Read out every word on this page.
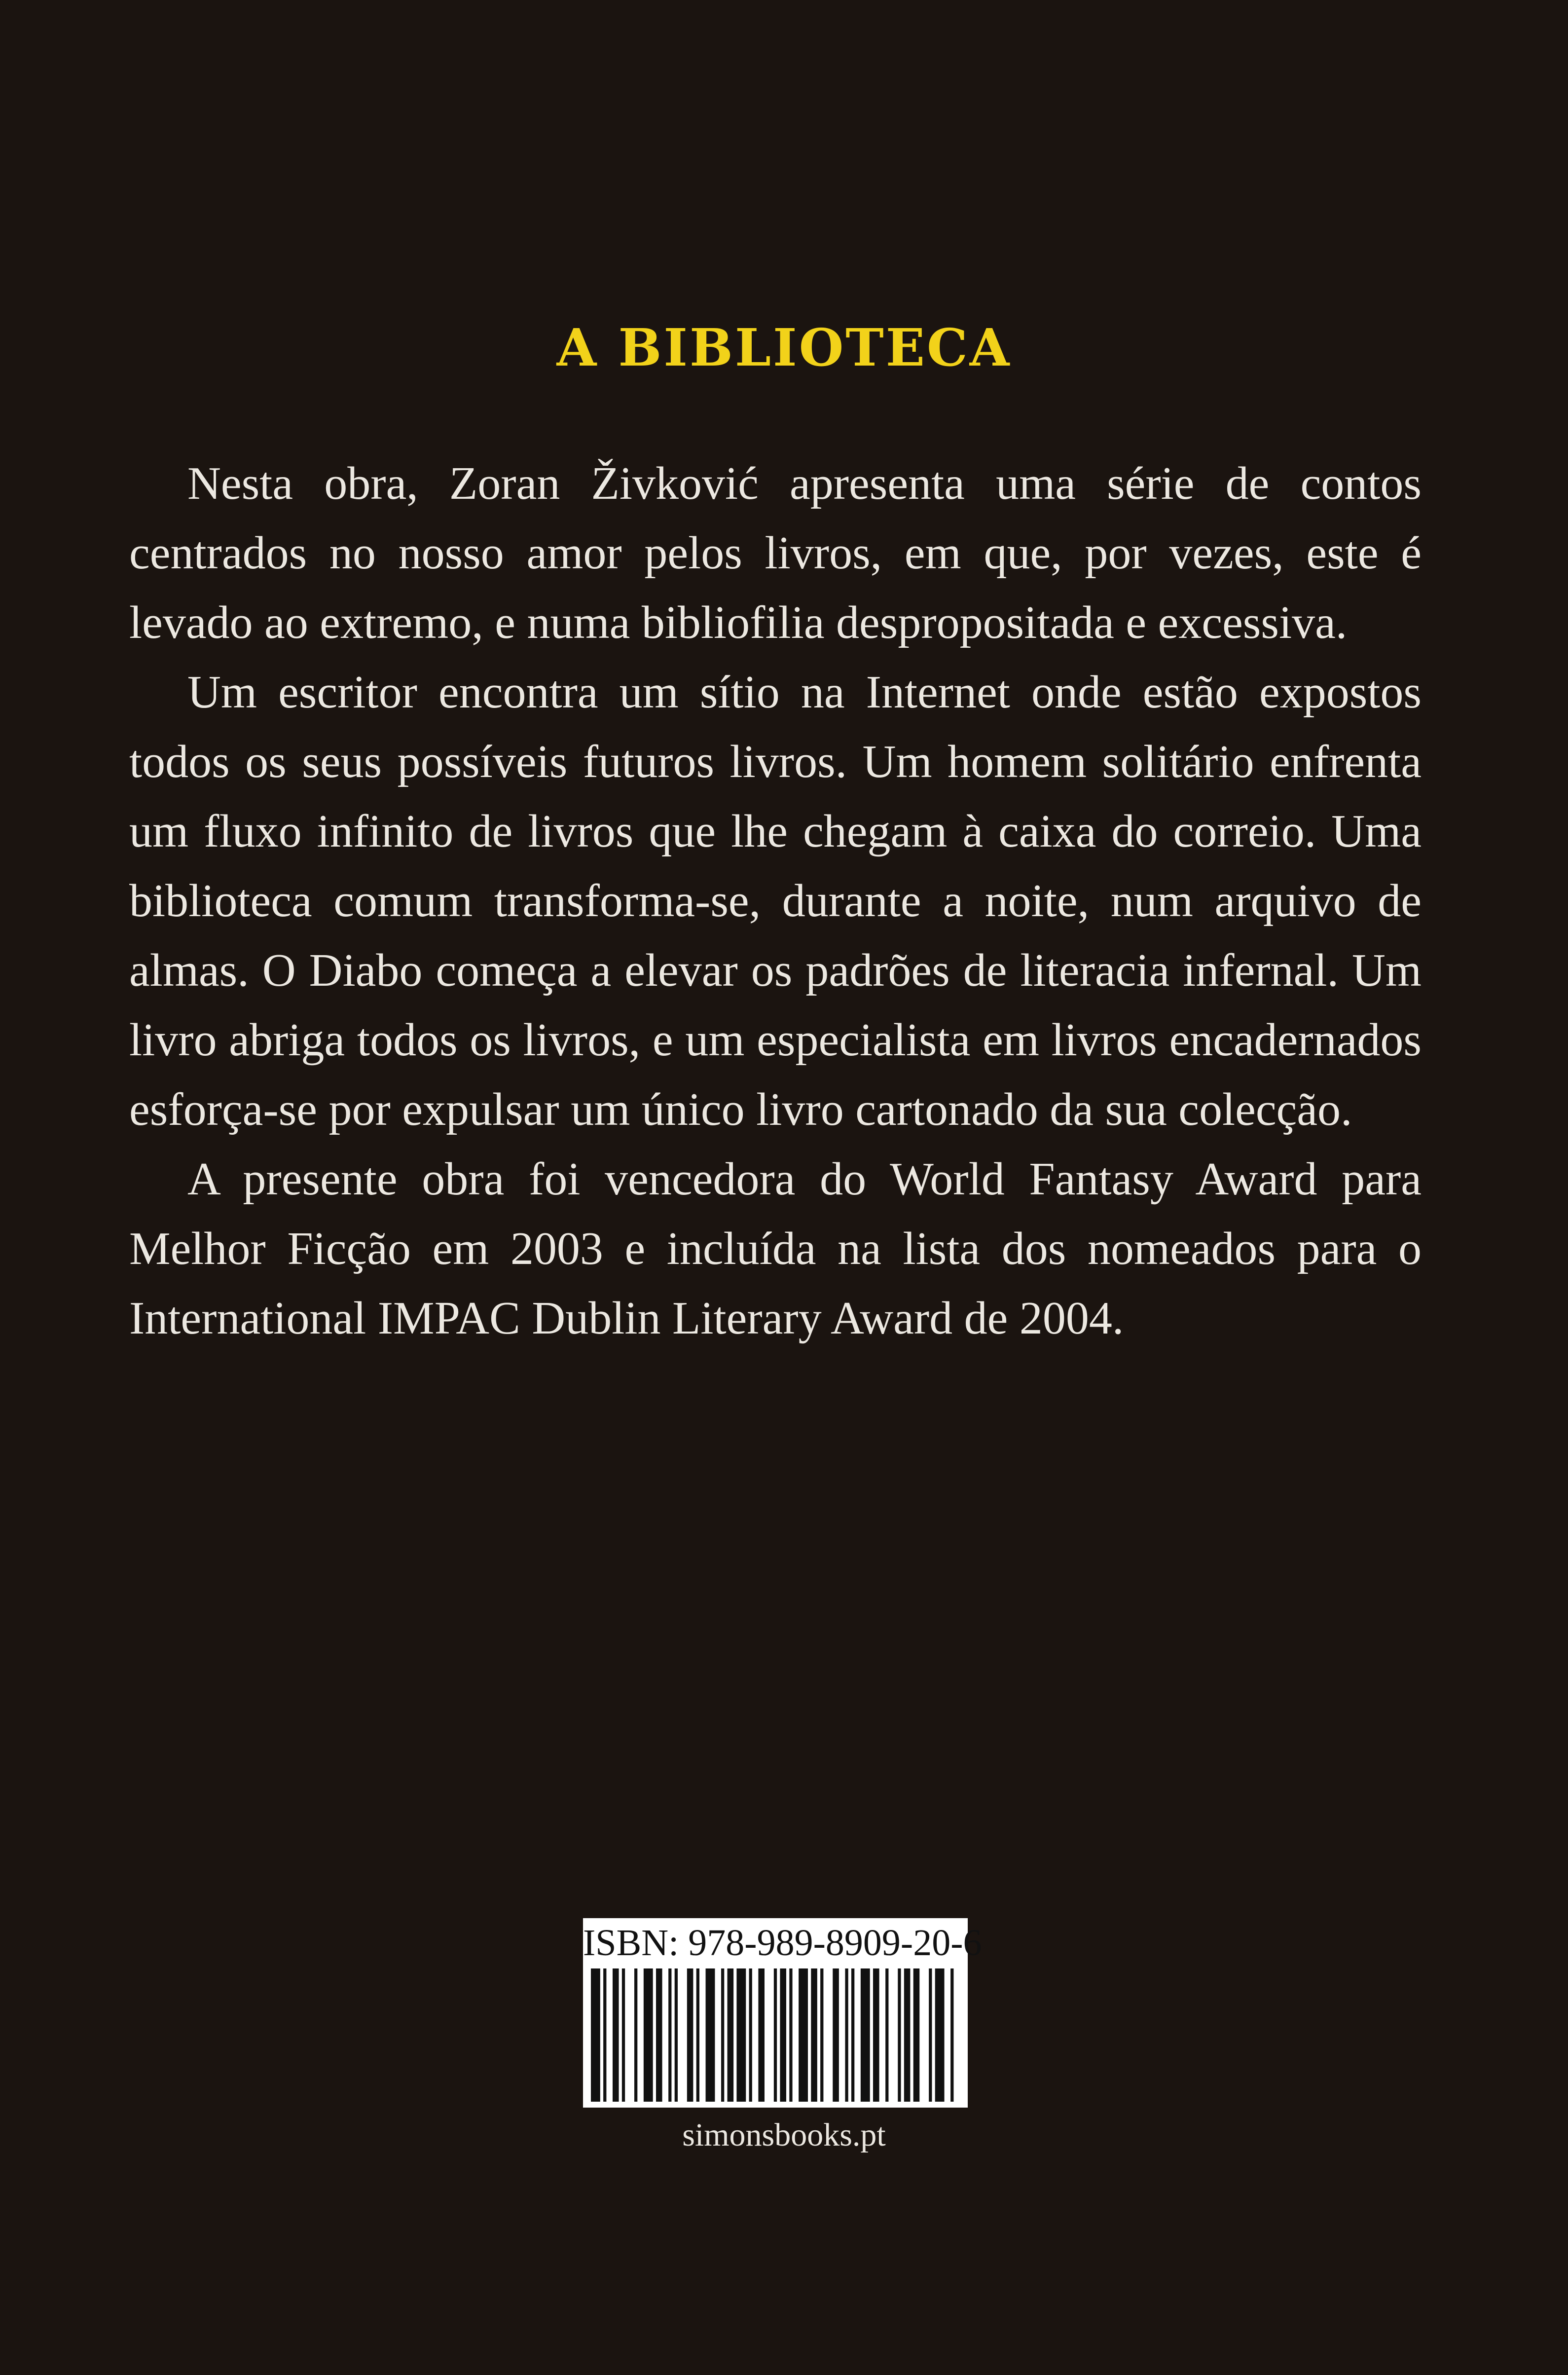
A BIBLIOTECA

Nesta obra, Zoran Živković apresenta uma série de contos centrados no nosso amor pelos livros, em que, por vezes, este é levado ao extremo, e numa bibliofilia despropositada e excessiva.

Um escritor encontra um sítio na Internet onde estão expostos todos os seus possíveis futuros livros. Um homem solitário enfrenta um fluxo infinito de livros que lhe chegam à caixa do correio. Uma biblioteca comum transforma-se, durante a noite, num arquivo de almas. O Diabo começa a elevar os padrões de literacia infernal. Um livro abriga todos os livros, e um especialista em livros encadernados esforça-se por expulsar um único livro cartonado da sua colecção.

A presente obra foi vencedora do World Fantasy Award para Melhor Ficção em 2003 e incluída na lista dos nomeados para o International IMPAC Dublin Literary Award de 2004.

ISBN: 978-989-8909-20-6
simonsbooks.pt
